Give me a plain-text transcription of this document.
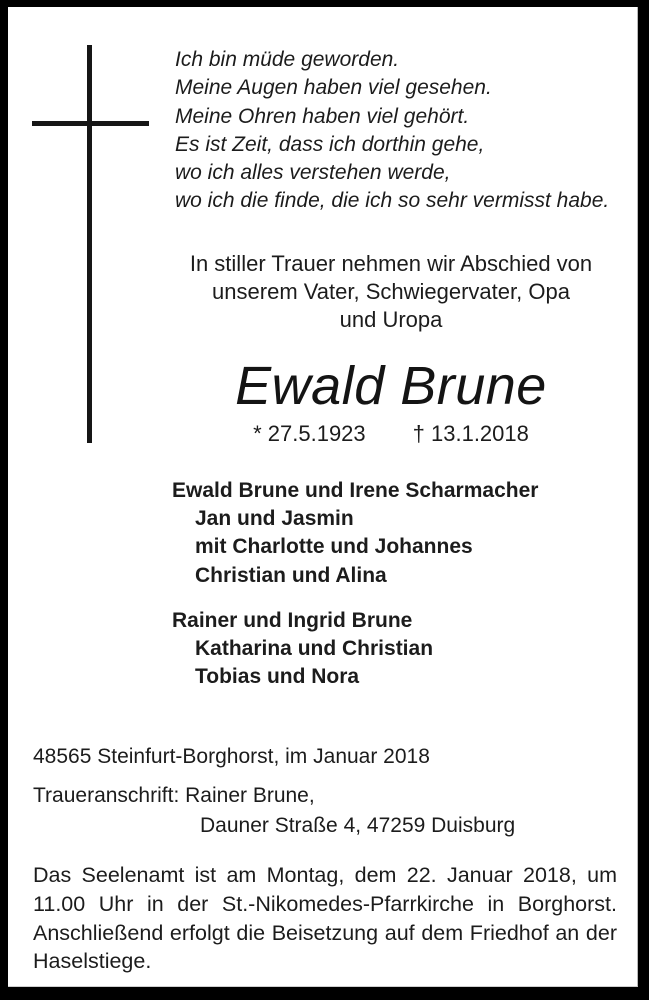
Ich bin müde geworden.
Meine Augen haben viel gesehen.
Meine Ohren haben viel gehört.
Es ist Zeit, dass ich dorthin gehe,
wo ich alles verstehen werde,
wo ich die finde, die ich so sehr vermisst habe.
In stiller Trauer nehmen wir Abschied von
unserem Vater, Schwiegervater, Opa
und Uropa
Ewald Brune
* 27.5.1923 † 13.1.2018
Ewald Brune und Irene Scharmacher
Jan und Jasmin
mit Charlotte und Johannes
Christian und Alina
Rainer und Ingrid Brune
Katharina und Christian
Tobias und Nora
48565 Steinfurt-Borghorst, im Januar 2018
Traueranschrift: Rainer Brune,
Dauner Straße 4, 47259 Duisburg

Das Seelenamt ist am Montag, dem 22. Januar 2018, um 11.00 Uhr in der St.-Nikomedes-Pfarrkirche in Borghorst. Anschließend erfolgt die Beisetzung auf dem Friedhof an der Haselstiege.
